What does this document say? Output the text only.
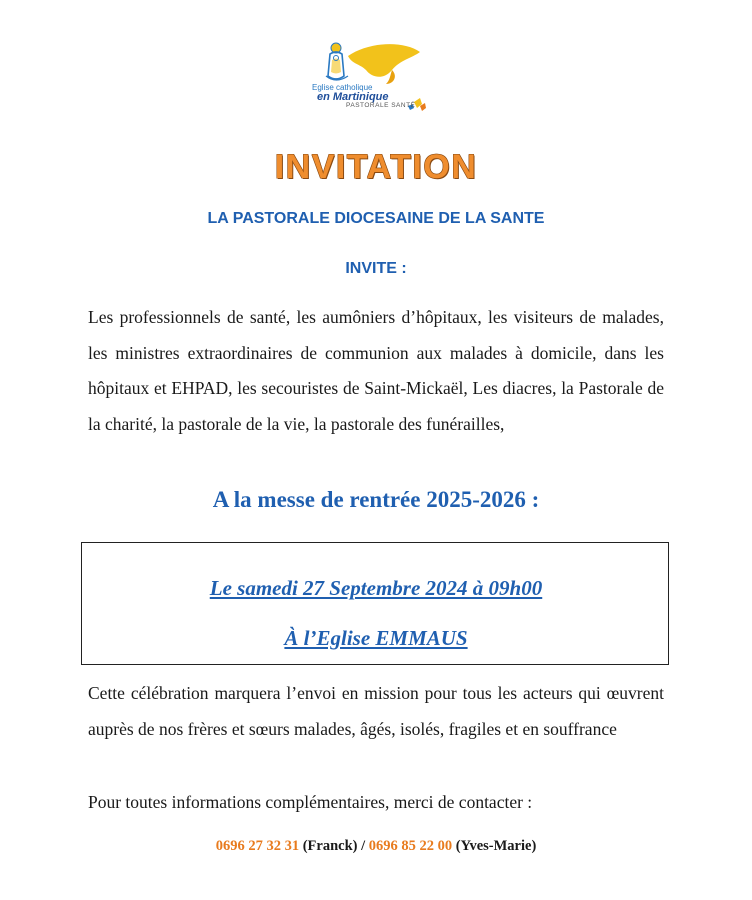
Eglise catholique
en Martinique
PASTORALE SANTÉ
INVITATION
LA PASTORALE DIOCESAINE DE LA SANTE
INVITE :
Les professionnels de santé, les aumôniers d’hôpitaux, les visiteurs de malades, les ministres extraordinaires de communion aux malades à domicile, dans les hôpitaux et EHPAD, les secouristes de Saint-Mickaël, Les diacres, la Pastorale de la charité, la pastorale de la vie, la pastorale des funérailles,
A la messe de rentrée 2025-2026 :
Le samedi 27 Septembre 2024 à 09h00
À l’Eglise EMMAUS
Cette célébration marquera l’envoi en mission pour tous les acteurs qui œuvrent auprès de nos frères et sœurs malades, âgés, isolés, fragiles et en souffrance
Pour toutes informations complémentaires, merci de contacter :
0696 27 32 31 (Franck) / 0696 85 22 00 (Yves-Marie)
